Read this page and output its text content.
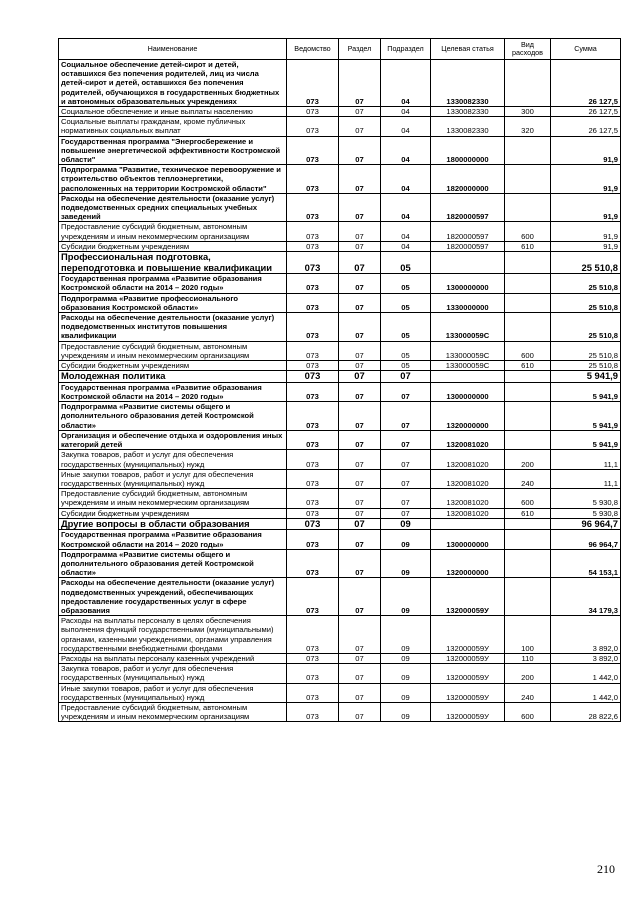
Наименование	Ведомство	Раздел	Подраздел	Целевая статья	Вид расходов	Сумма
Социальное обеспечение детей-сирот и детей, оставшихся без попечения родителей, лиц из числа детей-сирот и детей, оставшихся без попечения родителей, обучающихся в государственных бюджетных и автономных образовательных учреждениях	073	07	04	1330082330		26 127,5
Социальное обеспечение и иные выплаты населению	073	07	04	1330082330	300	26 127,5
Социальные выплаты гражданам, кроме публичных нормативных социальных выплат	073	07	04	1330082330	320	26 127,5
Государственная программа "Энергосбережение и повышение энергетической эффективности Костромской области"	073	07	04	1800000000		91,9
Подпрограмма "Развитие, техническое перевооружение и строительство объектов теплоэнергетики, расположенных на территории Костромской области"	073	07	04	1820000000		91,9
Расходы на обеспечение деятельности (оказание услуг) подведомственных средних специальных учебных заведений	073	07	04	1820000597		91,9
Предоставление субсидий бюджетным, автономным учреждениям и иным некоммерческим организациям	073	07	04	1820000597	600	91,9
Субсидии бюджетным учреждениям	073	07	04	1820000597	610	91,9
Профессиональная подготовка, переподготовка и повышение квалификации	073	07	05			25 510,8
Государственная программа «Развитие образования Костромской области на 2014 – 2020 годы»	073	07	05	1300000000		25 510,8
Подпрограмма «Развитие профессионального образования Костромской области»	073	07	05	1330000000		25 510,8
Расходы на обеспечение деятельности (оказание услуг) подведомственных институтов повышения квалификации	073	07	05	133000059С		25 510,8
Предоставление субсидий бюджетным, автономным учреждениям и иным некоммерческим организациям	073	07	05	133000059С	600	25 510,8
Субсидии бюджетным учреждениям	073	07	05	133000059С	610	25 510,8
Молодежная политика	073	07	07			5 941,9
Государственная программа «Развитие образования Костромской области на 2014 – 2020 годы»	073	07	07	1300000000		5 941,9
Подпрограмма «Развитие системы общего и дополнительного образования детей Костромской области»	073	07	07	1320000000		5 941,9
Организация и обеспечение отдыха и оздоровления иных категорий детей	073	07	07	1320081020		5 941,9
Закупка товаров, работ и услуг для обеспечения государственных (муниципальных) нужд	073	07	07	1320081020	200	11,1
Иные закупки товаров, работ и услуг для обеспечения государственных (муниципальных) нужд	073	07	07	1320081020	240	11,1
Предоставление субсидий бюджетным, автономным учреждениям и иным некоммерческим организациям	073	07	07	1320081020	600	5 930,8
Субсидии бюджетным учреждениям	073	07	07	1320081020	610	5 930,8
Другие вопросы в области образования	073	07	09			96 964,7
Государственная программа «Развитие образования Костромской области на 2014 – 2020 годы»	073	07	09	1300000000		96 964,7
Подпрограмма «Развитие системы общего и дополнительного образования детей Костромской области»	073	07	09	1320000000		54 153,1
Расходы на обеспечение деятельности (оказание услуг) подведомственных учреждений, обеспечивающих предоставление государственных услуг в сфере образования	073	07	09	132000059У		34 179,3
Расходы на выплаты персоналу в целях обеспечения выполнения функций государственными (муниципальными) органами, казенными учреждениями, органами управления государственными внебюджетными фондами	073	07	09	132000059У	100	3 892,0
Расходы на выплаты персоналу казенных учреждений	073	07	09	132000059У	110	3 892,0
Закупка товаров, работ и услуг для обеспечения государственных (муниципальных) нужд	073	07	09	132000059У	200	1 442,0
Иные закупки товаров, работ и услуг для обеспечения государственных (муниципальных) нужд	073	07	09	132000059У	240	1 442,0
Предоставление субсидий бюджетным, автономным учреждениям и иным некоммерческим организациям	073	07	09	132000059У	600	28 822,6
210
